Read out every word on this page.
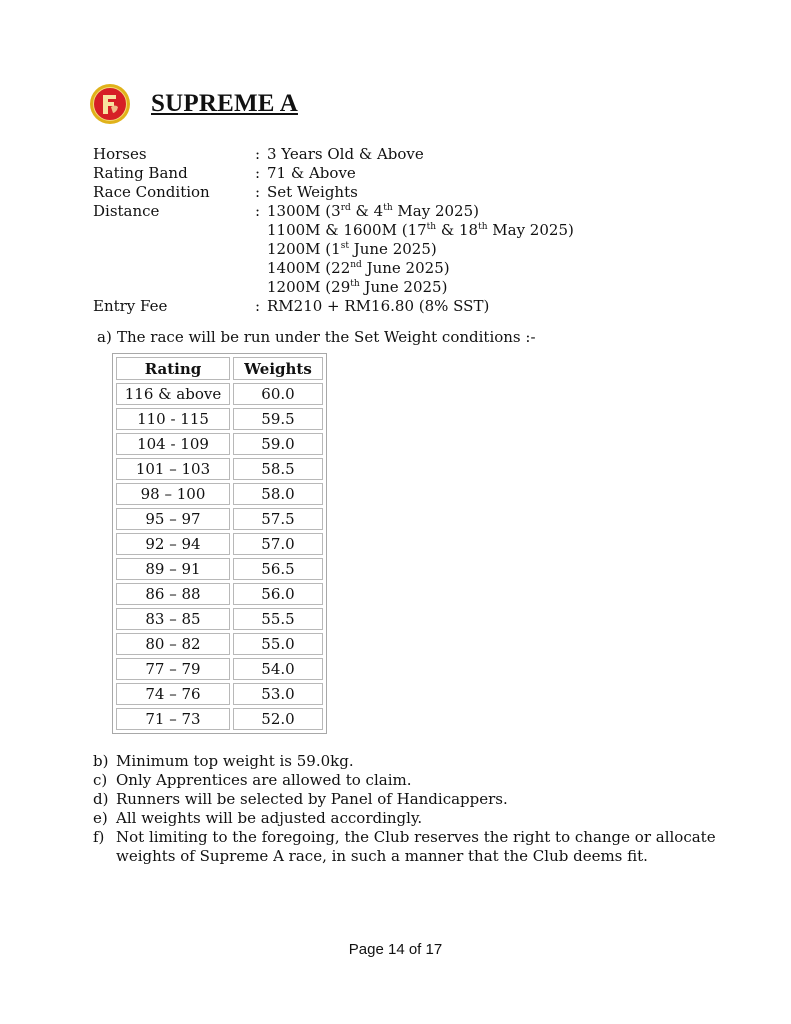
SUPREME A
Horses	: 3 Years Old & Above
Rating Band	: 71 & Above
Race Condition	: Set Weights
Distance	: 1300M (3rd & 4th May 2025)
1100M & 1600M (17th & 18th May 2025)
1200M (1st June 2025)
1400M (22nd June 2025)
1200M (29th June 2025)
Entry Fee	: RM210 + RM16.80 (8% SST)
a) The race will be run under the Set Weight conditions :-
Rating	Weights
116 & above	60.0
110 - 115	59.5
104 - 109	59.0
101 – 103	58.5
98 – 100	58.0
95 – 97	57.5
92 – 94	57.0
89 – 91	56.5
86 – 88	56.0
83 – 85	55.5
80 – 82	55.0
77 – 79	54.0
74 – 76	53.0
71 – 73	52.0
b) Minimum top weight is 59.0kg.
c) Only Apprentices are allowed to claim.
d) Runners will be selected by Panel of Handicappers.
e) All weights will be adjusted accordingly.
f) Not limiting to the foregoing, the Club reserves the right to change or allocate
weights of Supreme A race, in such a manner that the Club deems fit.
Page 14 of 17
